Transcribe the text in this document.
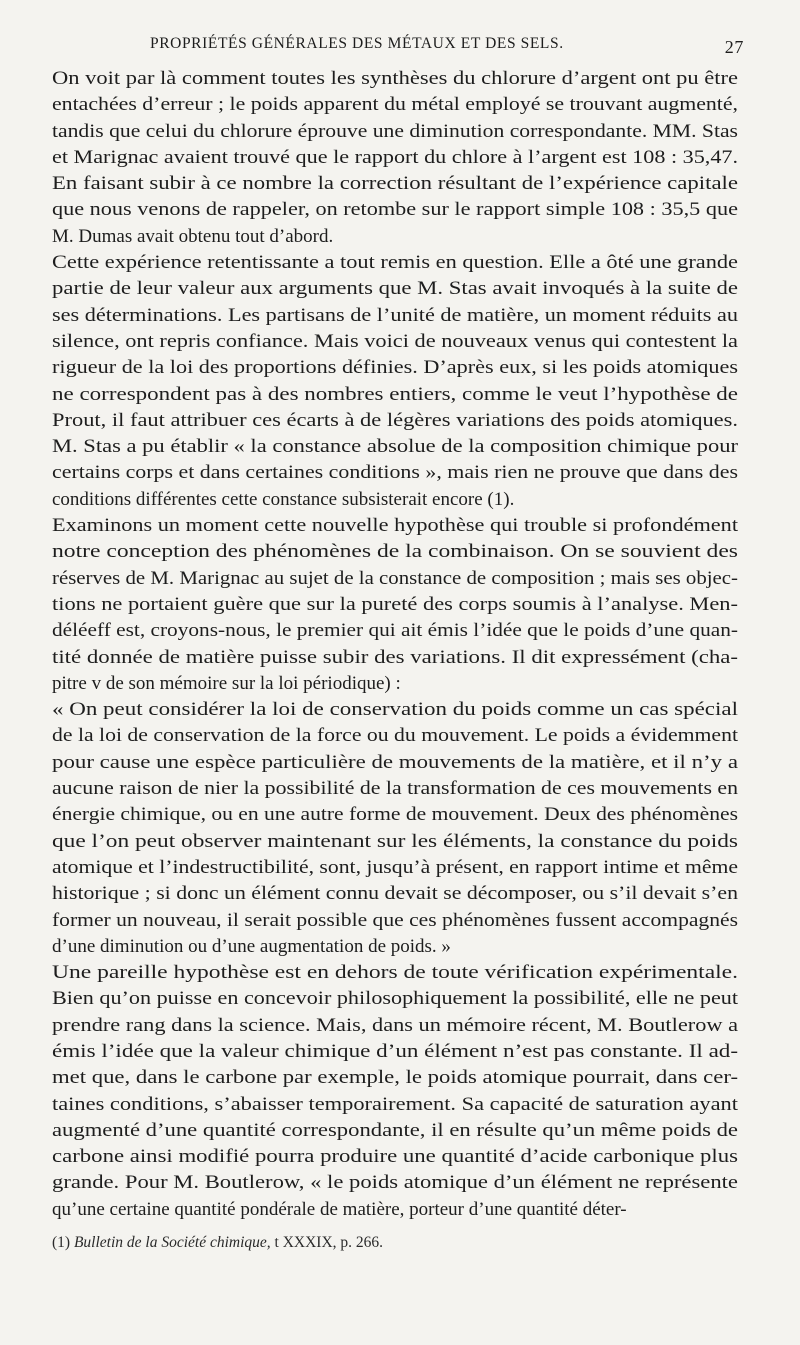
PROPRIÉTÉS GÉNÉRALES DES MÉTAUX ET DES SELS.	27

On voit par là comment toutes les synthèses du chlorure d’argent ont pu être
entachées d’erreur ; le poids apparent du métal employé se trouvant augmenté,
tandis que celui du chlorure éprouve une diminution correspondante. MM. Stas
et Marignac avaient trouvé que le rapport du chlore à l’argent est 108 : 35,47.
En faisant subir à ce nombre la correction résultant de l’expérience capitale
que nous venons de rappeler, on retombe sur le rapport simple 108 : 35,5 que
M. Dumas avait obtenu tout d’abord.

Cette expérience retentissante a tout remis en question. Elle a ôté une grande
partie de leur valeur aux arguments que M. Stas avait invoqués à la suite de
ses déterminations. Les partisans de l’unité de matière, un moment réduits au
silence, ont repris confiance. Mais voici de nouveaux venus qui contestent la
rigueur de la loi des proportions définies. D’après eux, si les poids atomiques
ne correspondent pas à des nombres entiers, comme le veut l’hypothèse de
Prout, il faut attribuer ces écarts à de légères variations des poids atomiques.
M. Stas a pu établir « la constance absolue de la composition chimique pour
certains corps et dans certaines conditions », mais rien ne prouve que dans des
conditions différentes cette constance subsisterait encore (1).

Examinons un moment cette nouvelle hypothèse qui trouble si profondément
notre conception des phénomènes de la combinaison. On se souvient des
réserves de M. Marignac au sujet de la constance de composition ; mais ses objec-
tions ne portaient guère que sur la pureté des corps soumis à l’analyse. Men-
déléeff est, croyons-nous, le premier qui ait émis l’idée que le poids d’une quan-
tité donnée de matière puisse subir des variations. Il dit expressément (cha-
pitre v de son mémoire sur la loi périodique) :

« On peut considérer la loi de conservation du poids comme un cas spécial
de la loi de conservation de la force ou du mouvement. Le poids a évidemment
pour cause une espèce particulière de mouvements de la matière, et il n’y a
aucune raison de nier la possibilité de la transformation de ces mouvements en
énergie chimique, ou en une autre forme de mouvement. Deux des phénomènes
que l’on peut observer maintenant sur les éléments, la constance du poids
atomique et l’indestructibilité, sont, jusqu’à présent, en rapport intime et même
historique ; si donc un élément connu devait se décomposer, ou s’il devait s’en
former un nouveau, il serait possible que ces phénomènes fussent accompagnés
d’une diminution ou d’une augmentation de poids. »

Une pareille hypothèse est en dehors de toute vérification expérimentale.
Bien qu’on puisse en concevoir philosophiquement la possibilité, elle ne peut
prendre rang dans la science. Mais, dans un mémoire récent, M. Boutlerow a
émis l’idée que la valeur chimique d’un élément n’est pas constante. Il ad-
met que, dans le carbone par exemple, le poids atomique pourrait, dans cer-
taines conditions, s’abaisser temporairement. Sa capacité de saturation ayant
augmenté d’une quantité correspondante, il en résulte qu’un même poids de
carbone ainsi modifié pourra produire une quantité d’acide carbonique plus
grande. Pour M. Boutlerow, « le poids atomique d’un élément ne représente
qu’une certaine quantité pondérale de matière, porteur d’une quantité déter-

(1) Bulletin de la Société chimique, t XXXIX, p. 266.
